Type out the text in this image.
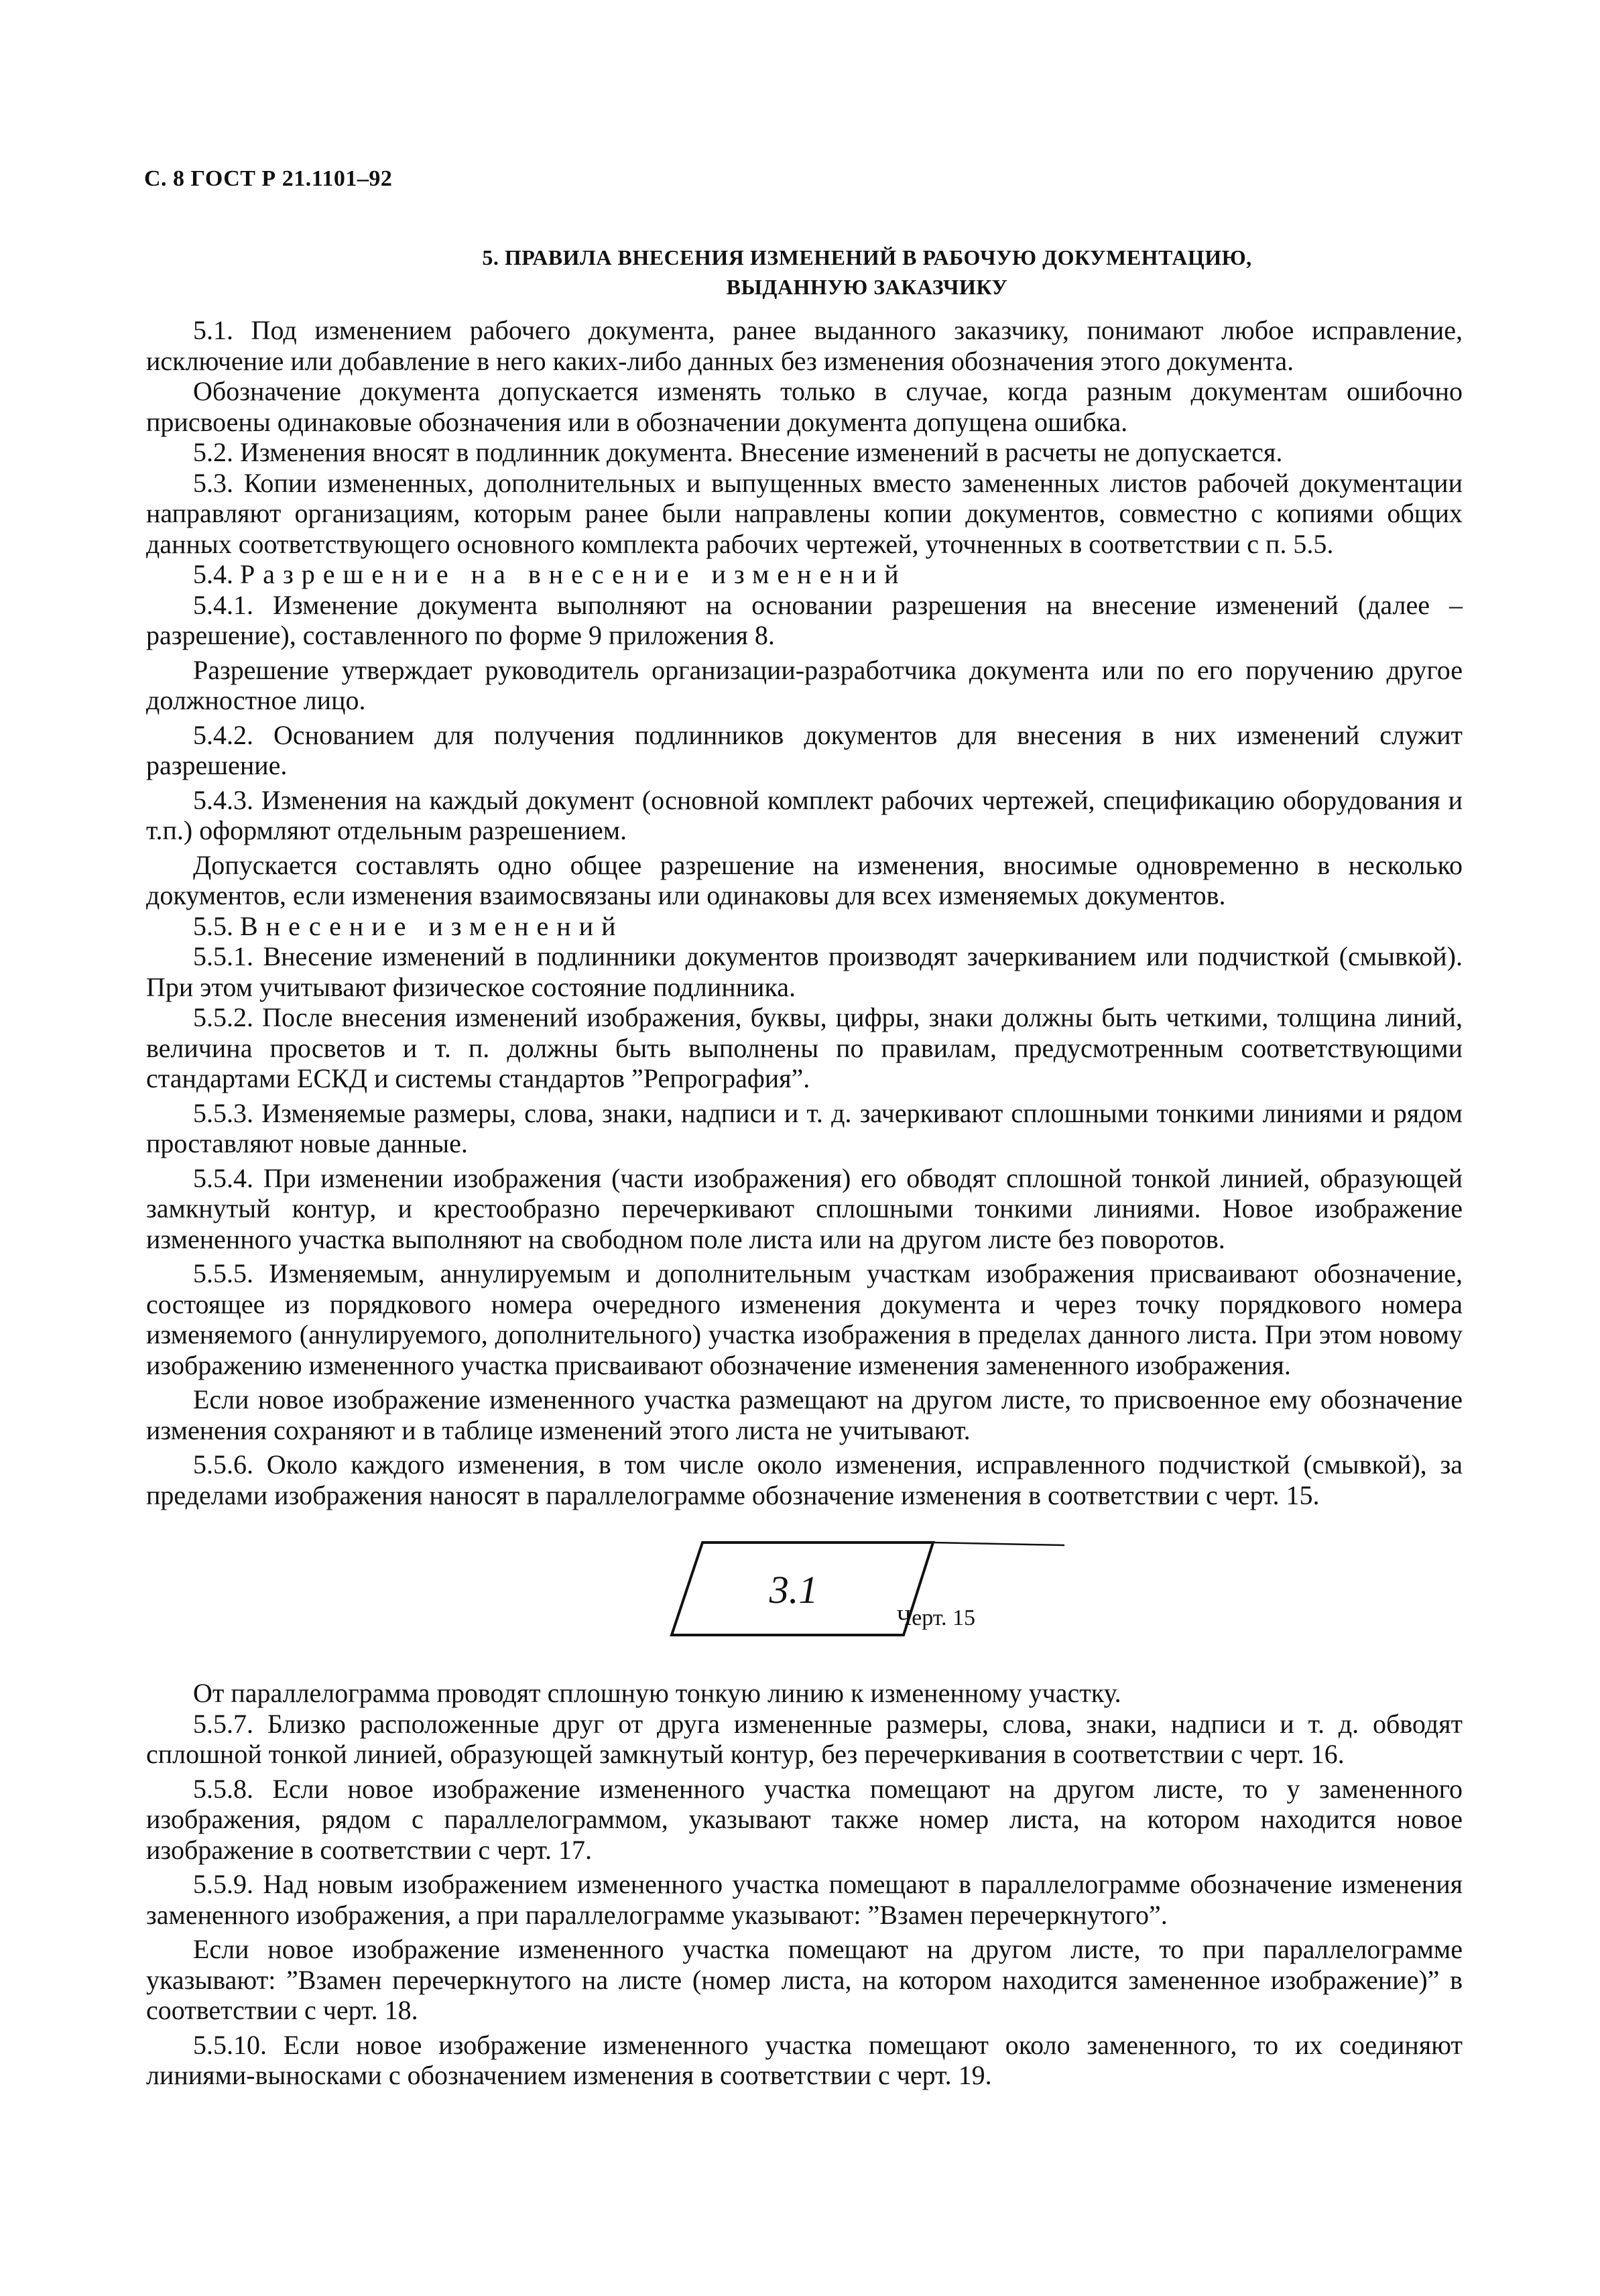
С. 8 ГОСТ Р 21.1101–92
5. ПРАВИЛА ВНЕСЕНИЯ ИЗМЕНЕНИЙ В РАБОЧУЮ ДОКУМЕНТАЦИЮ,
ВЫДАННУЮ ЗАКАЗЧИКУ

5.1. Под изменением рабочего документа, ранее выданного заказчику, понимают любое исправление, исключение или добавление в него каких-либо данных без изменения обозначения этого документа.

Обозначение документа допускается изменять только в случае, когда разным документам ошибочно присвоены одинаковые обозначения или в обозначении документа допущена ошибка.

5.2. Изменения вносят в подлинник документа. Внесение изменений в расчеты не допускается.

5.3. Копии измененных, дополнительных и выпущенных вместо замененных листов рабочей документации направляют организациям, которым ранее были направлены копии документов, совместно с копиями общих данных соответствующего основного комплекта рабочих чертежей, уточненных в соответствии с п. 5.5.

5.4. Разрешение на внесение изменений

5.4.1. Изменение документа выполняют на основании разрешения на внесение изменений (далее – разрешение), составленного по форме 9 приложения 8.

Разрешение утверждает руководитель организации-разработчика документа или по его поручению другое должностное лицо.

5.4.2. Основанием для получения подлинников документов для внесения в них изменений служит разрешение.

5.4.3. Изменения на каждый документ (основной комплект рабочих чертежей, спецификацию оборудования и т.п.) оформляют отдельным разрешением.

Допускается составлять одно общее разрешение на изменения, вносимые одновременно в несколько документов, если изменения взаимосвязаны или одинаковы для всех изменяемых документов.

5.5. Внесение изменений

5.5.1. Внесение изменений в подлинники документов производят зачеркиванием или подчисткой (смывкой). При этом учитывают физическое состояние подлинника.

5.5.2. После внесения изменений изображения, буквы, цифры, знаки должны быть четкими, толщина линий, величина просветов и т. п. должны быть выполнены по правилам, предусмотренным соответствующими стандартами ЕСКД и системы стандартов ”Репрография”.

5.5.3. Изменяемые размеры, слова, знаки, надписи и т. д. зачеркивают сплошными тонкими линиями и рядом проставляют новые данные.

5.5.4. При изменении изображения (части изображения) его обводят сплошной тонкой линией, образующей замкнутый контур, и крестообразно перечеркивают сплошными тонкими линиями. Новое изображение измененного участка выполняют на свободном поле листа или на другом листе без поворотов.

5.5.5. Изменяемым, аннулируемым и дополнительным участкам изображения присваивают обозначение, состоящее из порядкового номера очередного изменения документа и через точку порядкового номера изменяемого (аннулируемого, дополнительного) участка изображения в пределах данного листа. При этом новому изображению измененного участка присваивают обозначение изменения замененного изображения.

Если новое изображение измененного участка размещают на другом листе, то присвоенное ему обозначение изменения сохраняют и в таблице изменений этого листа не учитывают.

5.5.6. Около каждого изменения, в том числе около изменения, исправленного подчисткой (смывкой), за пределами изображения наносят в параллелограмме обозначение изменения в соответствии с черт. 15.

3.1
Черт. 15

От параллелограмма проводят сплошную тонкую линию к измененному участку.

5.5.7. Близко расположенные друг от друга измененные размеры, слова, знаки, надписи и т. д. обводят сплошной тонкой линией, образующей замкнутый контур, без перечеркивания в соответствии с черт. 16.

5.5.8. Если новое изображение измененного участка помещают на другом листе, то у замененного изображения, рядом с параллелограммом, указывают также номер листа, на котором находится новое изображение в соответствии с черт. 17.

5.5.9. Над новым изображением измененного участка помещают в параллелограмме обозначение изменения замененного изображения, а при параллелограмме указывают: ”Взамен перечеркнутого”.

Если новое изображение измененного участка помещают на другом листе, то при параллелограмме указывают: ”Взамен перечеркнутого на листе (номер листа, на котором находится замененное изображение)” в соответствии с черт. 18.

5.5.10. Если новое изображение измененного участка помещают около замененного, то их соединяют линиями-выносками с обозначением изменения в соответствии с черт. 19.
